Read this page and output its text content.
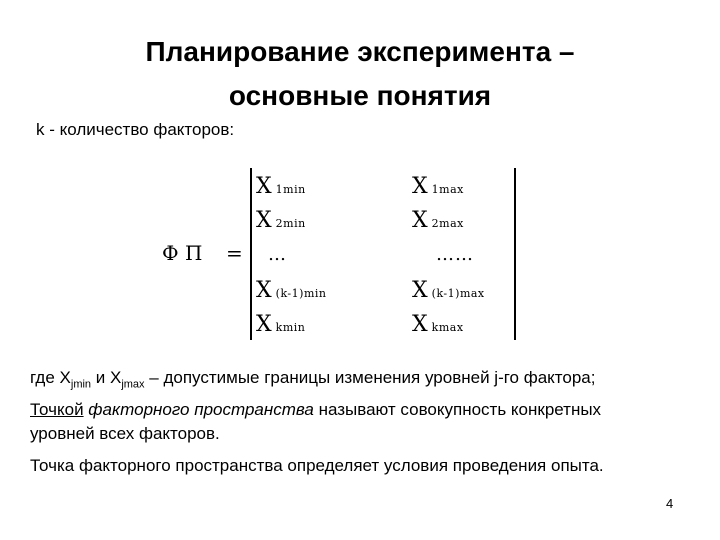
Планирование эксперимента –
основные понятия
k - количество факторов:
Ф П =
X 1min	X 1max
X 2min	X 2max
…	……
X (k-1)min	X (k-1)max
Xkmin	Xkmax
где $X_{jmin}$ и $X_{jmax}$ – допустимые границы изменения уровней j-го фактора;
Точкой факторного пространства называют совокупность конкретных уровней всех факторов.
Точка факторного пространства определяет условия проведения опыта.
4
